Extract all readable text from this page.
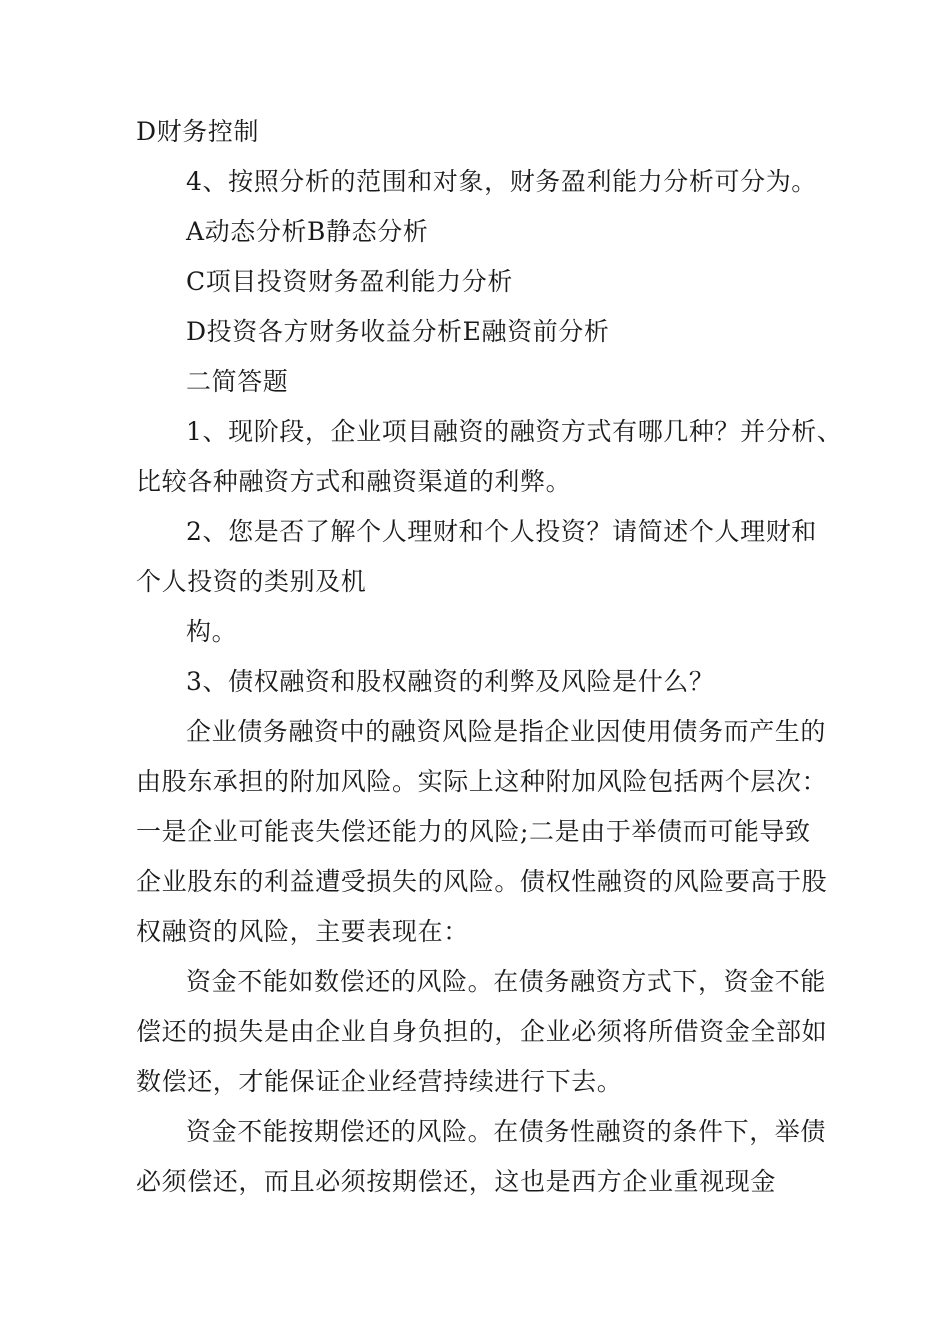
D财务控制
4、按照分析的范围和对象，财务盈利能力分析可分为。
A动态分析B静态分析
C项目投资财务盈利能力分析
D投资各方财务收益分析E融资前分析
二简答题
1、现阶段，企业项目融资的融资方式有哪几种？并分析、
比较各种融资方式和融资渠道的利弊。
2、您是否了解个人理财和个人投资？请简述个人理财和
个人投资的类别及机
构。
3、债权融资和股权融资的利弊及风险是什么？
企业债务融资中的融资风险是指企业因使用债务而产生的
由股东承担的附加风险。实际上这种附加风险包括两个层次：
一是企业可能丧失偿还能力的风险;二是由于举债而可能导致
企业股东的利益遭受损失的风险。债权性融资的风险要高于股
权融资的风险，主要表现在：
资金不能如数偿还的风险。在债务融资方式下，资金不能
偿还的损失是由企业自身负担的，企业必须将所借资金全部如
数偿还，才能保证企业经营持续进行下去。
资金不能按期偿还的风险。在债务性融资的条件下，举债
必须偿还，而且必须按期偿还，这也是西方企业重视现金
